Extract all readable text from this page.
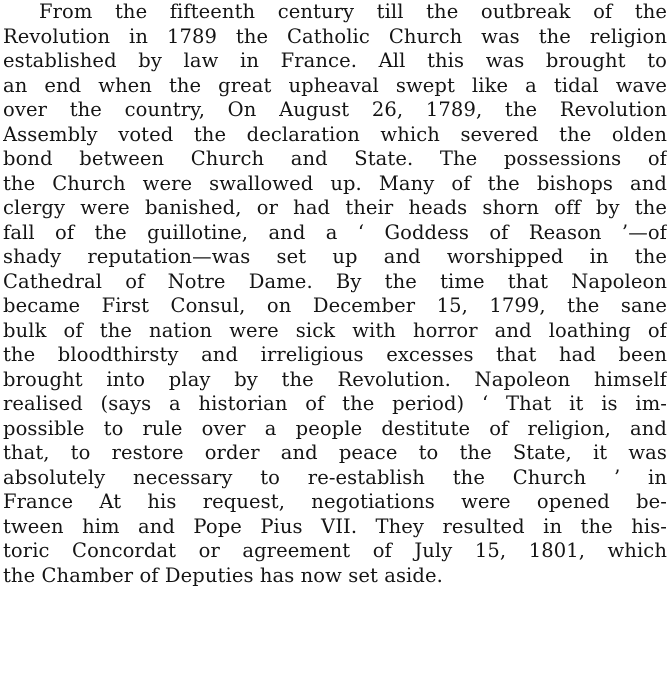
From the fifteenth century till the outbreak of the
Revolution in 1789 the Catholic Church was the religion
established by law in France. All this was brought to
an end when the great upheaval swept like a tidal wave
over the country, On August 26, 1789, the Revolution
Assembly voted the declaration which severed the olden
bond between Church and State. The possessions of
the Church were swallowed up. Many of the bishops and
clergy were banished, or had their heads shorn off by the
fall of the guillotine, and a ‘ Goddess of Reason ’—of
shady reputation—was set up and worshipped in the
Cathedral of Notre Dame. By the time that Napoleon
became First Consul, on December 15, 1799, the sane
bulk of the nation were sick with horror and loathing of
the bloodthirsty and irreligious excesses that had been
brought into play by the Revolution. Napoleon himself
realised (says a historian of the period) ‘ That it is im-
possible to rule over a people destitute of religion, and
that, to restore order and peace to the State, it was
absolutely necessary to re-establish the Church ’ in
France At his request, negotiations were opened be-
tween him and Pope Pius VII. They resulted in the his-
toric Concordat or agreement of July 15, 1801, which
the Chamber of Deputies has now set aside.
